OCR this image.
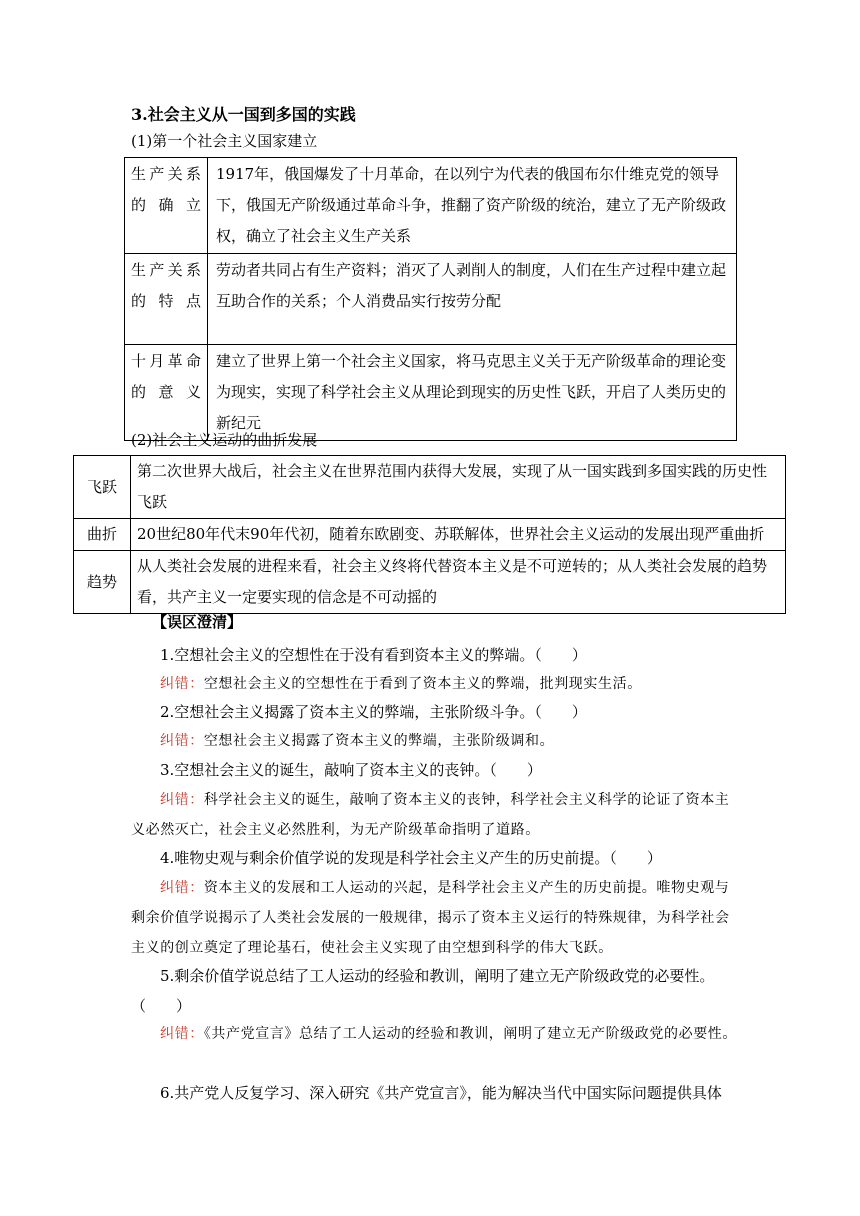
3.社会主义从一国到多国的实践
(1)第一个社会主义国家建立
生产关系的确立	1917年，俄国爆发了十月革命，在以列宁为代表的俄国布尔什维克党的领导下，俄国无产阶级通过革命斗争，推翻了资产阶级的统治，建立了无产阶级政权，确立了社会主义生产关系
生产关系的特点	劳动者共同占有生产资料；消灭了人剥削人的制度，人们在生产过程中建立起互助合作的关系；个人消费品实行按劳分配
十月革命的意义	建立了世界上第一个社会主义国家，将马克思主义关于无产阶级革命的理论变为现实，实现了科学社会主义从理论到现实的历史性飞跃，开启了人类历史的新纪元
(2)社会主义运动的曲折发展
飞跃	第二次世界大战后，社会主义在世界范围内获得大发展，实现了从一国实践到多国实践的历史性飞跃
曲折	20世纪80年代末90年代初，随着东欧剧变、苏联解体，世界社会主义运动的发展出现严重曲折
趋势	从人类社会发展的进程来看，社会主义终将代替资本主义是不可逆转的；从人类社会发展的趋势看，共产主义一定要实现的信念是不可动摇的
【误区澄清】
1.空想社会主义的空想性在于没有看到资本主义的弊端。（　　）
纠错：空想社会主义的空想性在于看到了资本主义的弊端，批判现实生活。
2.空想社会主义揭露了资本主义的弊端，主张阶级斗争。（　　）
纠错：空想社会主义揭露了资本主义的弊端，主张阶级调和。
3.空想社会主义的诞生，敲响了资本主义的丧钟。（　　）
纠错：科学社会主义的诞生，敲响了资本主义的丧钟，科学社会主义科学的论证了资本主义必然灭亡，社会主义必然胜利，为无产阶级革命指明了道路。
4.唯物史观与剩余价值学说的发现是科学社会主义产生的历史前提。（　　）
纠错：资本主义的发展和工人运动的兴起，是科学社会主义产生的历史前提。唯物史观与剩余价值学说揭示了人类社会发展的一般规律，揭示了资本主义运行的特殊规律，为科学社会主义的创立奠定了理论基石，使社会主义实现了由空想到科学的伟大飞跃。
5.剩余价值学说总结了工人运动的经验和教训，阐明了建立无产阶级政党的必要性。（　　）
纠错：《共产党宣言》总结了工人运动的经验和教训，阐明了建立无产阶级政党的必要性。
6.共产党人反复学习、深入研究《共产党宣言》，能为解决当代中国实际问题提供具体
